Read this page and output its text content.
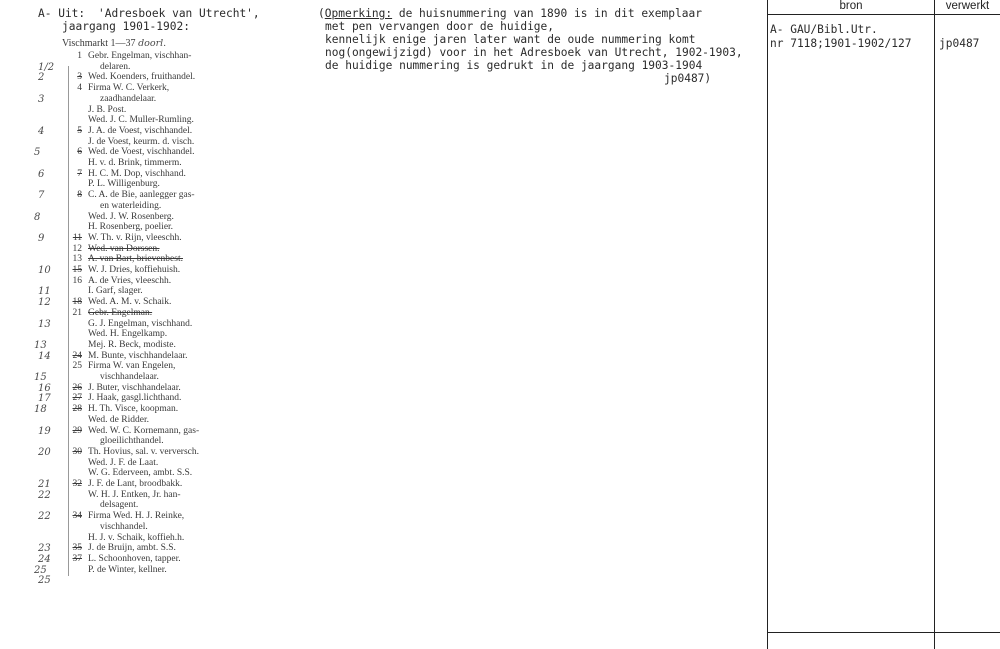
A- Uit: 'Adresboek van Utrecht',
jaargang 1901-1902:
Vischmarkt 1—37 doorl.
1 Gebr. Engelman, vischhan-
1/2	delaren.
2	3 Wed. Koenders, fruithandel.
4 Firma W. C. Verkerk,
3	zaadhandelaar.
J. B. Post.
Wed. J. C. Muller-Rumling.
4	5 J. A. de Voest, vischhandel.
J. de Voest, keurm. d. visch.
5	6 Wed. de Voest, vischhandel.
H. v. d. Brink, timmerm.
6	7 H. C. M. Dop, vischhand.
P. L. Willigenburg.
7	8 C. A. de Bie, aanlegger gas-
en waterleiding.
8	Wed. J. W. Rosenberg.
H. Rosenberg, poelier.
9	11 W. Th. v. Rijn, vleeschh.
12 Wed. van Dorssen.
13 A. van Bart, brievenbest.
10	15 W. J. Dries, koffiehuish.
16 A. de Vries, vleeschh.
11	I. Garf, slager.
12	18 Wed. A. M. v. Schaik.
21 Gebr. Engelman.
13	G. J. Engelman, vischhand.
Wed. H. Engelkamp.
13	Mej. R. Beck, modiste.
14	24 M. Bunte, vischhandelaar.
25 Firma W. van Engelen,
15	vischhandelaar.
16	26 J. Buter, vischhandelaar.
17	27 J. Haak, gasgl.lichthand.
18	28 H. Th. Visce, koopman.
Wed. de Ridder.
19	29 Wed. W. C. Kornemann, gas-
gloeilichthandel.
20	30 Th. Hovius, sal. v. verversch.
Wed. J. F. de Laat.
W. G. Ederveen, ambt. S.S.
21	32 J. F. de Lant, broodbakk.
22	W. H. J. Entken, Jr. han-
delsagent.
22	34 Firma Wed. H. J. Reinke,
vischhandel.
H. J. v. Schaik, koffieh.h.
23	35 J. de Bruijn, ambt. S.S.
24	37 L. Schoonhoven, tapper.
25	P. de Winter, kellner.
25
(Opmerking: de huisnummering van 1890 is in dit exemplaar
met pen vervangen door de huidige,
kennelijk enige jaren later want de oude nummering komt
nog(ongewijzigd) voor in het Adresboek van Utrecht, 1902-1903,
de huidige nummering is gedrukt in de jaargang 1903-1904
jp0487)
bron	verwerkt
A- GAU/Bibl.Utr.
nr 7118;1901-1902/127 jp0487
